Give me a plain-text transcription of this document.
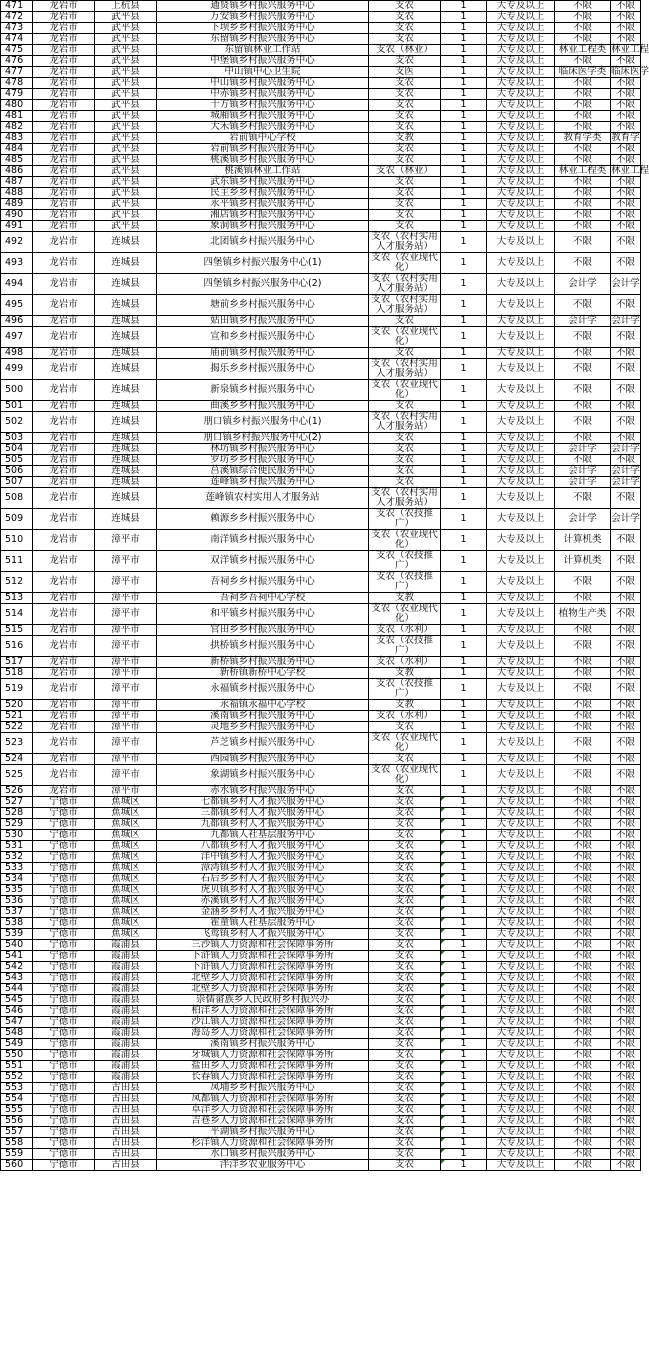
471	龙岩市	上杭县	通贤镇乡村振兴服务中心	支农	1	大专及以上	不限	不限
472	龙岩市	武平县	万安镇乡村振兴服务中心	支农	1	大专及以上	不限	不限
473	龙岩市	武平县	下坝乡乡村振兴服务中心	支农	1	大专及以上	不限	不限
474	龙岩市	武平县	东留镇乡村振兴服务中心	支农	1	大专及以上	不限	不限
475	龙岩市	武平县	东留镇林业工作站	支农（林业）	1	大专及以上	林业工程类	林业工程
476	龙岩市	武平县	中堡镇乡村振兴服务中心	支农	1	大专及以上	不限	不限
477	龙岩市	武平县	中山镇中心卫生院	支医	1	大专及以上	临床医学类	临床医学
478	龙岩市	武平县	中山镇乡村振兴服务中心	支农	1	大专及以上	不限	不限
479	龙岩市	武平县	中赤镇乡村振兴服务中心	支农	1	大专及以上	不限	不限
480	龙岩市	武平县	十方镇乡村振兴服务中心	支农	1	大专及以上	不限	不限
481	龙岩市	武平县	城厢镇乡村振兴服务中心	支农	1	大专及以上	不限	不限
482	龙岩市	武平县	大禾镇乡村振兴服务中心	支农	1	大专及以上	不限	不限
483	龙岩市	武平县	岩前镇中心学校	支教	1	大专及以上	教育学类	教育学
484	龙岩市	武平县	岩前镇乡村振兴服务中心	支农	1	大专及以上	不限	不限
485	龙岩市	武平县	桃溪镇乡村振兴服务中心	支农	1	大专及以上	不限	不限
486	龙岩市	武平县	桃溪镇林业工作站	支农（林业）	1	大专及以上	林业工程类	林业工程
487	龙岩市	武平县	武东镇乡村振兴服务中心	支农	1	大专及以上	不限	不限
488	龙岩市	武平县	民主乡乡村振兴服务中心	支农	1	大专及以上	不限	不限
489	龙岩市	武平县	永平镇乡村振兴服务中心	支农	1	大专及以上	不限	不限
490	龙岩市	武平县	湘店镇乡村振兴服务中心	支农	1	大专及以上	不限	不限
491	龙岩市	武平县	象洞镇乡村振兴服务中心	支农	1	大专及以上	不限	不限
492	龙岩市	连城县	北团镇乡村振兴服务中心	支农（农村实用人才服务站）	1	大专及以上	不限	不限
493	龙岩市	连城县	四堡镇乡村振兴服务中心(1)	支农（农业现代化）	1	大专及以上	不限	不限
494	龙岩市	连城县	四堡镇乡村振兴服务中心(2)	支农（农村实用人才服务站）	1	大专及以上	会计学	会计学
495	龙岩市	连城县	塘前乡乡村振兴服务中心	支农（农村实用人才服务站）	1	大专及以上	不限	不限
496	龙岩市	连城县	姑田镇乡村振兴服务中心	支农	1	大专及以上	会计学	会计学
497	龙岩市	连城县	宣和乡乡村振兴服务中心	支农（农业现代化）	1	大专及以上	不限	不限
498	龙岩市	连城县	庙前镇乡村振兴服务中心	支农	1	大专及以上	不限	不限
499	龙岩市	连城县	揭乐乡乡村振兴服务中心	支农（农村实用人才服务站）	1	大专及以上	不限	不限
500	龙岩市	连城县	新泉镇乡村振兴服务中心	支农（农业现代化）	1	大专及以上	不限	不限
501	龙岩市	连城县	曲溪乡乡村振兴服务中心	支农	1	大专及以上	不限	不限
502	龙岩市	连城县	朋口镇乡村振兴服务中心(1)	支农（农村实用人才服务站）	1	大专及以上	不限	不限
503	龙岩市	连城县	朋口镇乡村振兴服务中心(2)	支农	1	大专及以上	不限	不限
504	龙岩市	连城县	林坊镇乡村振兴服务中心	支农	1	大专及以上	会计学	会计学
505	龙岩市	连城县	罗坊乡乡村振兴服务中心	支农	1	大专及以上	不限	不限
506	龙岩市	连城县	莒溪镇综合便民服务中心	支农	1	大专及以上	会计学	会计学
507	龙岩市	连城县	莲峰镇乡村振兴服务中心	支农	1	大专及以上	会计学	会计学
508	龙岩市	连城县	莲峰镇农村实用人才服务站	支农（农村实用人才服务站）	1	大专及以上	不限	不限
509	龙岩市	连城县	赖源乡乡村振兴服务中心	支农（农技推广）	1	大专及以上	会计学	会计学
510	龙岩市	漳平市	南洋镇乡村振兴服务中心	支农（农业现代化）	1	大专及以上	计算机类	不限
511	龙岩市	漳平市	双洋镇乡村振兴服务中心	支农（农技推广）	1	大专及以上	计算机类	不限
512	龙岩市	漳平市	吾祠乡乡村振兴服务中心	支农（农技推广）	1	大专及以上	不限	不限
513	龙岩市	漳平市	吾祠乡吾祠中心学校	支教	1	大专及以上	不限	不限
514	龙岩市	漳平市	和平镇乡村振兴服务中心	支农（农业现代化）	1	大专及以上	植物生产类	不限
515	龙岩市	漳平市	官田乡乡村振兴服务中心	支农（水利）	1	大专及以上	不限	不限
516	龙岩市	漳平市	拱桥镇乡村振兴服务中心	支农（农技推广）	1	大专及以上	不限	不限
517	龙岩市	漳平市	新桥镇乡村振兴服务中心	支农（水利）	1	大专及以上	不限	不限
518	龙岩市	漳平市	新桥镇新桥中心学校	支教	1	大专及以上	不限	不限
519	龙岩市	漳平市	永福镇乡村振兴服务中心	支农（农技推广）	1	大专及以上	不限	不限
520	龙岩市	漳平市	永福镇永福中心学校	支教	1	大专及以上	不限	不限
521	龙岩市	漳平市	溪南镇乡村振兴服务中心	支农（水利）	1	大专及以上	不限	不限
522	龙岩市	漳平市	灵地乡乡村振兴服务中心	支农	1	大专及以上	不限	不限
523	龙岩市	漳平市	芦芝镇乡村振兴服务中心	支农（农业现代化）	1	大专及以上	不限	不限
524	龙岩市	漳平市	西园镇乡村振兴服务中心	支农	1	大专及以上	不限	不限
525	龙岩市	漳平市	象湖镇乡村振兴服务中心	支农（农业现代化）	1	大专及以上	不限	不限
526	龙岩市	漳平市	赤水镇乡村振兴服务中心	支农	1	大专及以上	不限	不限
527	宁德市	蕉城区	七都镇乡村人才振兴服务中心	支农	1	大专及以上	不限	不限
528	宁德市	蕉城区	三都镇乡村人才振兴服务中心	支农	1	大专及以上	不限	不限
529	宁德市	蕉城区	九都镇乡村人才振兴服务中心	支农	1	大专及以上	不限	不限
530	宁德市	蕉城区	九都镇人社基层服务中心	支农	1	大专及以上	不限	不限
531	宁德市	蕉城区	八都镇乡村人才振兴服务中心	支农	1	大专及以上	不限	不限
532	宁德市	蕉城区	洋中镇乡村人才振兴服务中心	支农	1	大专及以上	不限	不限
533	宁德市	蕉城区	漳湾镇乡村人才振兴服务中心	支农	1	大专及以上	不限	不限
534	宁德市	蕉城区	石后乡乡村人才振兴服务中心	支农	1	大专及以上	不限	不限
535	宁德市	蕉城区	虎贝镇乡村人才振兴服务中心	支农	1	大专及以上	不限	不限
536	宁德市	蕉城区	赤溪镇乡村人才振兴服务中心	支农	1	大专及以上	不限	不限
537	宁德市	蕉城区	金涵乡乡村人才振兴服务中心	支农	1	大专及以上	不限	不限
538	宁德市	蕉城区	霍童镇人社基层服务中心	支农	1	大专及以上	不限	不限
539	宁德市	蕉城区	飞鸾镇乡村人才振兴服务中心	支农	1	大专及以上	不限	不限
540	宁德市	霞浦县	三沙镇人力资源和社会保障事务所	支农	1	大专及以上	不限	不限
541	宁德市	霞浦县	下浒镇人力资源和社会保障事务所	支农	1	大专及以上	不限	不限
542	宁德市	霞浦县	下浒镇人力资源和社会保障事务所	支农	1	大专及以上	不限	不限
543	宁德市	霞浦县	北壁乡人力资源和社会保障事务所	支农	1	大专及以上	不限	不限
544	宁德市	霞浦县	北壁乡人力资源和社会保障事务所	支农	1	大专及以上	不限	不限
545	宁德市	霞浦县	崇儒畲族乡人民政府乡村振兴办	支农	1	大专及以上	不限	不限
546	宁德市	霞浦县	柏洋乡人力资源和社会保障事务所	支农	1	大专及以上	不限	不限
547	宁德市	霞浦县	沙江镇人力资源和社会保障事务所	支农	1	大专及以上	不限	不限
548	宁德市	霞浦县	海岛乡人力资源和社会保障事务所	支农	1	大专及以上	不限	不限
549	宁德市	霞浦县	溪南镇乡村振兴服务中心	支农	1	大专及以上	不限	不限
550	宁德市	霞浦县	牙城镇人力资源和社会保障事务所	支农	1	大专及以上	不限	不限
551	宁德市	霞浦县	盐田乡人力资源和社会保障事务所	支农	1	大专及以上	不限	不限
552	宁德市	霞浦县	长春镇人力资源和社会保障事务所	支农	1	大专及以上	不限	不限
553	宁德市	古田县	凤埔乡乡村振兴服务中心	支农	1	大专及以上	不限	不限
554	宁德市	古田县	凤都镇人力资源和社会保障事务所	支农	1	大专及以上	不限	不限
555	宁德市	古田县	卓洋乡人力资源和社会保障事务所	支农	1	大专及以上	不限	不限
556	宁德市	古田县	吉巷乡人力资源和社会保障事务所	支农	1	大专及以上	不限	不限
557	宁德市	古田县	平湖镇乡村振兴服务中心	支农	1	大专及以上	不限	不限
558	宁德市	古田县	杉洋镇人力资源和社会保障事务所	支农	1	大专及以上	不限	不限
559	宁德市	古田县	水口镇乡村振兴服务中心	支农	1	大专及以上	不限	不限
560	宁德市	古田县	泮洋乡农业服务中心	支农	1	大专及以上	不限	不限
